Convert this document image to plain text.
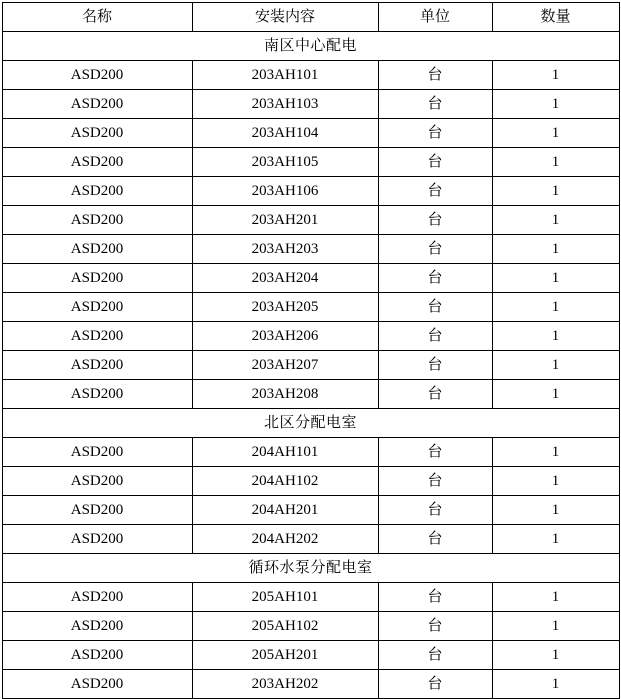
名称	安装内容	单位	数量
南区中心配电			
ASD200	203AH101	台	1
ASD200	203AH103	台	1
ASD200	203AH104	台	1
ASD200	203AH105	台	1
ASD200	203AH106	台	1
ASD200	203AH201	台	1
ASD200	203AH203	台	1
ASD200	203AH204	台	1
ASD200	203AH205	台	1
ASD200	203AH206	台	1
ASD200	203AH207	台	1
ASD200	203AH208	台	1
北区分配电室			
ASD200	204AH101	台	1
ASD200	204AH102	台	1
ASD200	204AH201	台	1
ASD200	204AH202	台	1
循环水泵分配电室			
ASD200	205AH101	台	1
ASD200	205AH102	台	1
ASD200	205AH201	台	1
ASD200	203AH202	台	1
